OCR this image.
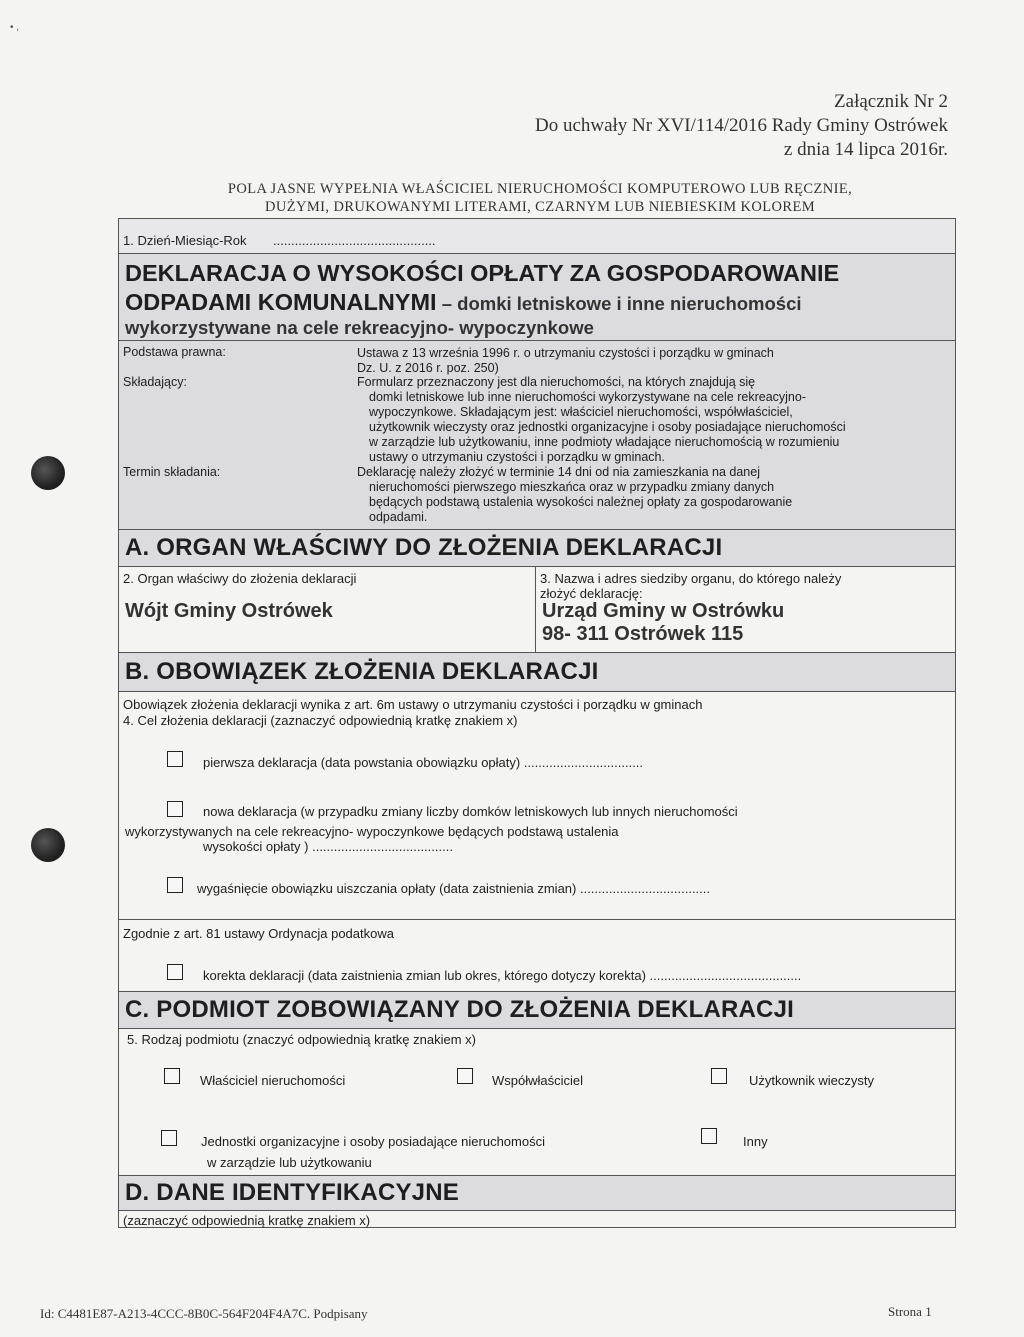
• ,
Załącznik Nr 2
Do uchwały Nr XVI/114/2016 Rady Gminy Ostrówek
z dnia 14 lipca 2016r.
POLA JASNE WYPEŁNIA WŁAŚCICIEL NIERUCHOMOŚCI KOMPUTEROWO LUB RĘCZNIE,
DUŻYMI, DRUKOWANYMI LITERAMI, CZARNYM LUB NIEBIESKIM KOLOREM
1. Dzień-Miesiąc-Rok .............................................
DEKLARACJA O WYSOKOŚCI OPŁATY ZA GOSPODAROWANIE
ODPADAMI KOMUNALNYMI – domki letniskowe i inne nieruchomości
wykorzystywane na cele rekreacyjno- wypoczynkowe
Podstawa prawna:	Ustawa z 13 września 1996 r. o utrzymaniu czystości i porządku w gminach
Dz. U. z 2016 r. poz. 250)
Składający:	Formularz przeznaczony jest dla nieruchomości, na których znajdują się
domki letniskowe lub inne nieruchomości wykorzystywane na cele rekreacyjno-
wypoczynkowe. Składającym jest: właściciel nieruchomości, współwłaściciel,
użytkownik wieczysty oraz jednostki organizacyjne i osoby posiadające nieruchomości
w zarządzie lub użytkowaniu, inne podmioty władające nieruchomością w rozumieniu
ustawy o utrzymaniu czystości i porządku w gminach.
Termin składania:	Deklarację należy złożyć w terminie 14 dni od nia zamieszkania na danej
nieruchomości pierwszego mieszkańca oraz w przypadku zmiany danych
będących podstawą ustalenia wysokości należnej opłaty za gospodarowanie
odpadami.
A. ORGAN WŁAŚCIWY DO ZŁOŻENIA DEKLARACJI
2. Organ właściwy do złożenia deklaracji
Wójt Gminy Ostrówek
3. Nazwa i adres siedziby organu, do którego należy
złożyć deklarację:
Urząd Gminy w Ostrówku
98- 311 Ostrówek 115
B. OBOWIĄZEK ZŁOŻENIA DEKLARACJI
Obowiązek złożenia deklaracji wynika z art. 6m ustawy o utrzymaniu czystości i porządku w gminach
4. Cel złożenia deklaracji (zaznaczyć odpowiednią kratkę znakiem x)
pierwsza deklaracja (data powstania obowiązku opłaty) .................................
nowa deklaracja (w przypadku zmiany liczby domków letniskowych lub innych nieruchomości
wykorzystywanych na cele rekreacyjno- wypoczynkowe będących podstawą ustalenia
wysokości opłaty ) .......................................
wygaśnięcie obowiązku uiszczania opłaty (data zaistnienia zmian) ....................................
Zgodnie z art. 81 ustawy Ordynacja podatkowa
korekta deklaracji (data zaistnienia zmian lub okres, którego dotyczy korekta) ..........................................
C. PODMIOT ZOBOWIĄZANY DO ZŁOŻENIA DEKLARACJI
5. Rodzaj podmiotu (znaczyć odpowiednią kratkę znakiem x)
Właściciel nieruchomości	Współwłaściciel	Użytkownik wieczysty
Jednostki organizacyjne i osoby posiadające nieruchomości
w zarządzie lub użytkowaniu
Inny
D. DANE IDENTYFIKACYJNE
(zaznaczyć odpowiednią kratkę znakiem x)
Id: C4481E87-A213-4CCC-8B0C-564F204F4A7C. Podpisany	Strona 1
